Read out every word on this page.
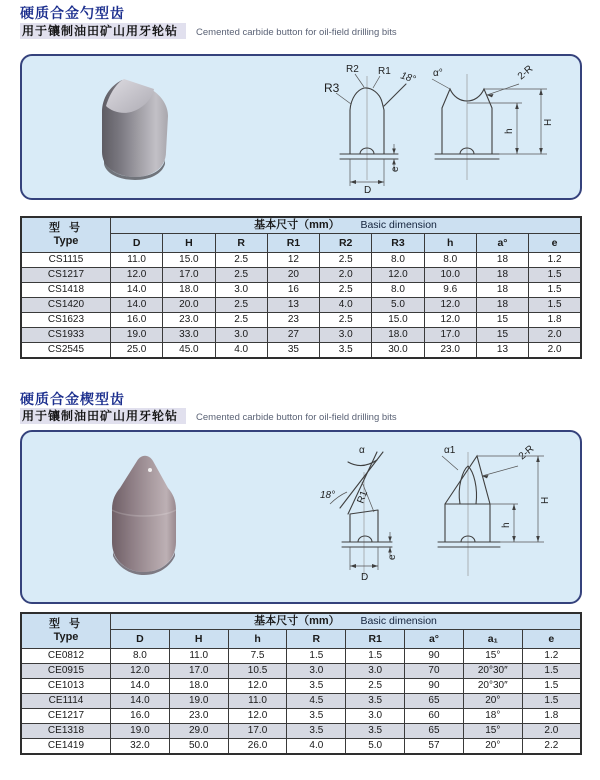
硬质合金勺型齿
用于镶制油田矿山用牙轮钻 Cemented carbide button for oil-field drilling bits
18°
R2 R1
R3
e
D
α°	2-R
h
H
型 号
Type	基本尺寸（mm） Basic dimension								
	D	H	R	R1	R2	R3	h	a°	e
CS1115	11.0	15.0	2.5	12	2.5	8.0	8.0	18	1.2
CS1217	12.0	17.0	2.5	20	2.0	12.0	10.0	18	1.5
CS1418	14.0	18.0	3.0	16	2.5	8.0	9.6	18	1.5
CS1420	14.0	20.0	2.5	13	4.0	5.0	12.0	18	1.5
CS1623	16.0	23.0	2.5	23	2.5	15.0	12.0	15	1.8
CS1933	19.0	33.0	3.0	27	3.0	18.0	17.0	15	2.0
CS2545	25.0	45.0	4.0	35	3.5	30.0	23.0	13	2.0
硬质合金楔型齿
用于镶制油田矿山用牙轮钻 Cemented carbide button for oil-field drilling bits
α
18° R1
D
e
α1	2-R
h
H
型 号
Type	基本尺寸（mm） Basic dimension							
	D	H	h	R	R1	a°	a₁	e
CE0812	8.0	11.0	7.5	1.5	1.5	90	15°	1.2
CE0915	12.0	17.0	10.5	3.0	3.0	70	20°30″	1.5
CE1013	14.0	18.0	12.0	3.5	2.5	90	20°30″	1.5
CE1114	14.0	19.0	11.0	4.5	3.5	65	20°	1.5
CE1217	16.0	23.0	12.0	3.5	3.0	60	18°	1.8
CE1318	19.0	29.0	17.0	3.5	3.5	65	15°	2.0
CE1419	32.0	50.0	26.0	4.0	5.0	57	20°	2.2
